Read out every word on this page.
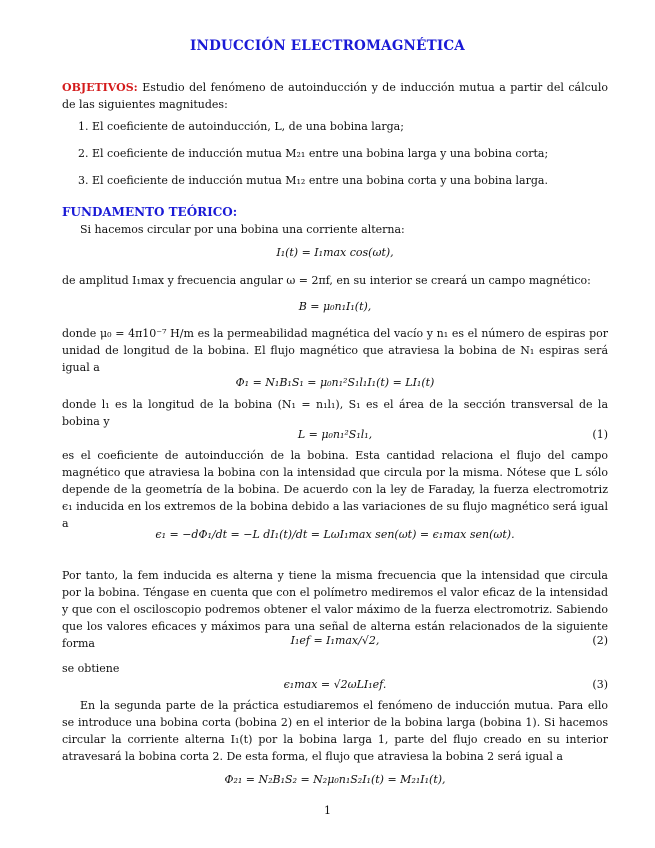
INDUCCIÓN ELECTROMAGNÉTICA
OBJETIVOS: Estudio del fenómeno de autoinducción y de inducción mutua a partir del cálculo de las siguientes magnitudes:
1. El coeficiente de autoinducción, L, de una bobina larga;
2. El coeficiente de inducción mutua M₂₁ entre una bobina larga y una bobina corta;
3. El coeficiente de inducción mutua M₁₂ entre una bobina corta y una bobina larga.
FUNDAMENTO TEÓRICO:
Si hacemos circular por una bobina una corriente alterna:
I₁(t) = I₁max cos(ωt),
de amplitud I₁max y frecuencia angular ω = 2πf, en su interior se creará un campo magnético:
B = μ₀n₁I₁(t),
donde μ₀ = 4π10⁻⁷ H/m es la permeabilidad magnética del vacío y n₁ es el número de espiras por unidad de longitud de la bobina. El flujo magnético que atraviesa la bobina de N₁ espiras será igual a
Φ₁ = N₁B₁S₁ = μ₀n₁²S₁l₁I₁(t) = LI₁(t)
donde l₁ es la longitud de la bobina (N₁ = n₁l₁), S₁ es el área de la sección transversal de la bobina y
L = μ₀n₁²S₁l₁,	(1)
es el coeficiente de autoinducción de la bobina. Esta cantidad relaciona el flujo del campo magnético que atraviesa la bobina con la intensidad que circula por la misma. Nótese que L sólo depende de la geometría de la bobina. De acuerdo con la ley de Faraday, la fuerza electromotriz ϵ₁ inducida en los extremos de la bobina debido a las variaciones de su flujo magnético será igual a
ϵ₁ = −dΦ₁/dt = −L dI₁(t)/dt = LωI₁max sen(ωt) = ϵ₁max sen(ωt).
Por tanto, la fem inducida es alterna y tiene la misma frecuencia que la intensidad que circula por la bobina. Téngase en cuenta que con el polímetro mediremos el valor eficaz de la intensidad y que con el osciloscopio podremos obtener el valor máximo de la fuerza electromotriz. Sabiendo que los valores eficaces y máximos para una señal de alterna están relacionados de la siguiente forma	I₁ef = I₁max/√2,	(2)
se obtiene
ϵ₁max = √2ωLI₁ef.	(3)
En la segunda parte de la práctica estudiaremos el fenómeno de inducción mutua. Para ello se introduce una bobina corta (bobina 2) en el interior de la bobina larga (bobina 1). Si hacemos circular la corriente alterna I₁(t) por la bobina larga 1, parte del flujo creado en su interior atravesará la bobina corta 2. De esta forma, el flujo que atraviesa la bobina 2 será igual a
Φ₂₁ = N₂B₁S₂ = N₂μ₀n₁S₂I₁(t) = M₂₁I₁(t),
1
